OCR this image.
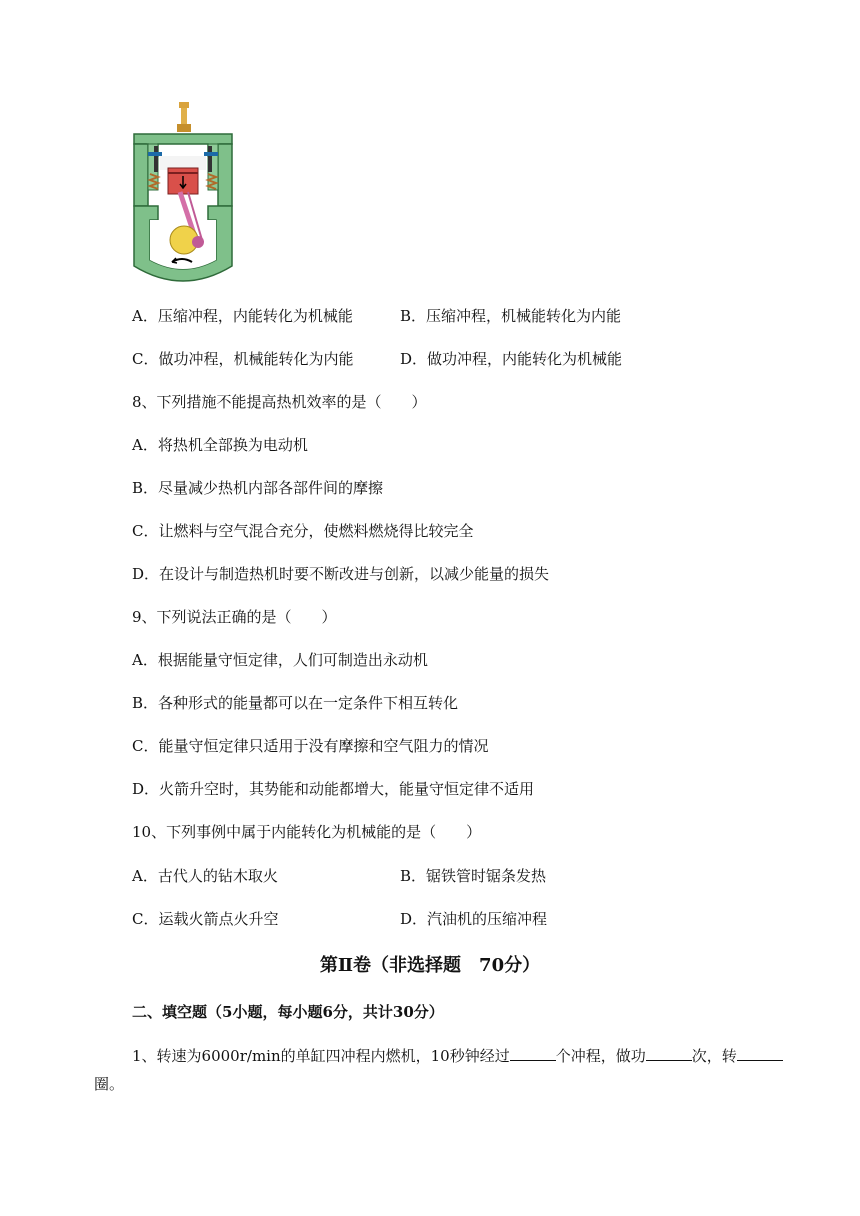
A．压缩冲程，内能转化为机械能	B．压缩冲程，机械能转化为内能
C．做功冲程，机械能转化为内能	D．做功冲程，内能转化为机械能
8、下列措施不能提高热机效率的是（　　）
A．将热机全部换为电动机
B．尽量减少热机内部各部件间的摩擦
C．让燃料与空气混合充分，使燃料燃烧得比较完全
D．在设计与制造热机时要不断改进与创新，以减少能量的损失
9、下列说法正确的是（　　）
A．根据能量守恒定律，人们可制造出永动机
B．各种形式的能量都可以在一定条件下相互转化
C．能量守恒定律只适用于没有摩擦和空气阻力的情况
D．火箭升空时，其势能和动能都增大，能量守恒定律不适用
10、下列事例中属于内能转化为机械能的是（　　）
A．古代人的钻木取火	B．锯铁管时锯条发热
C．运载火箭点火升空	D．汽油机的压缩冲程
第Ⅱ卷（非选择题　70分）
二、填空题（5小题，每小题6分，共计30分）
1、转速为6000r/min的单缸四冲程内燃机，10秒钟经过	个冲程，做功	次，转圈。
